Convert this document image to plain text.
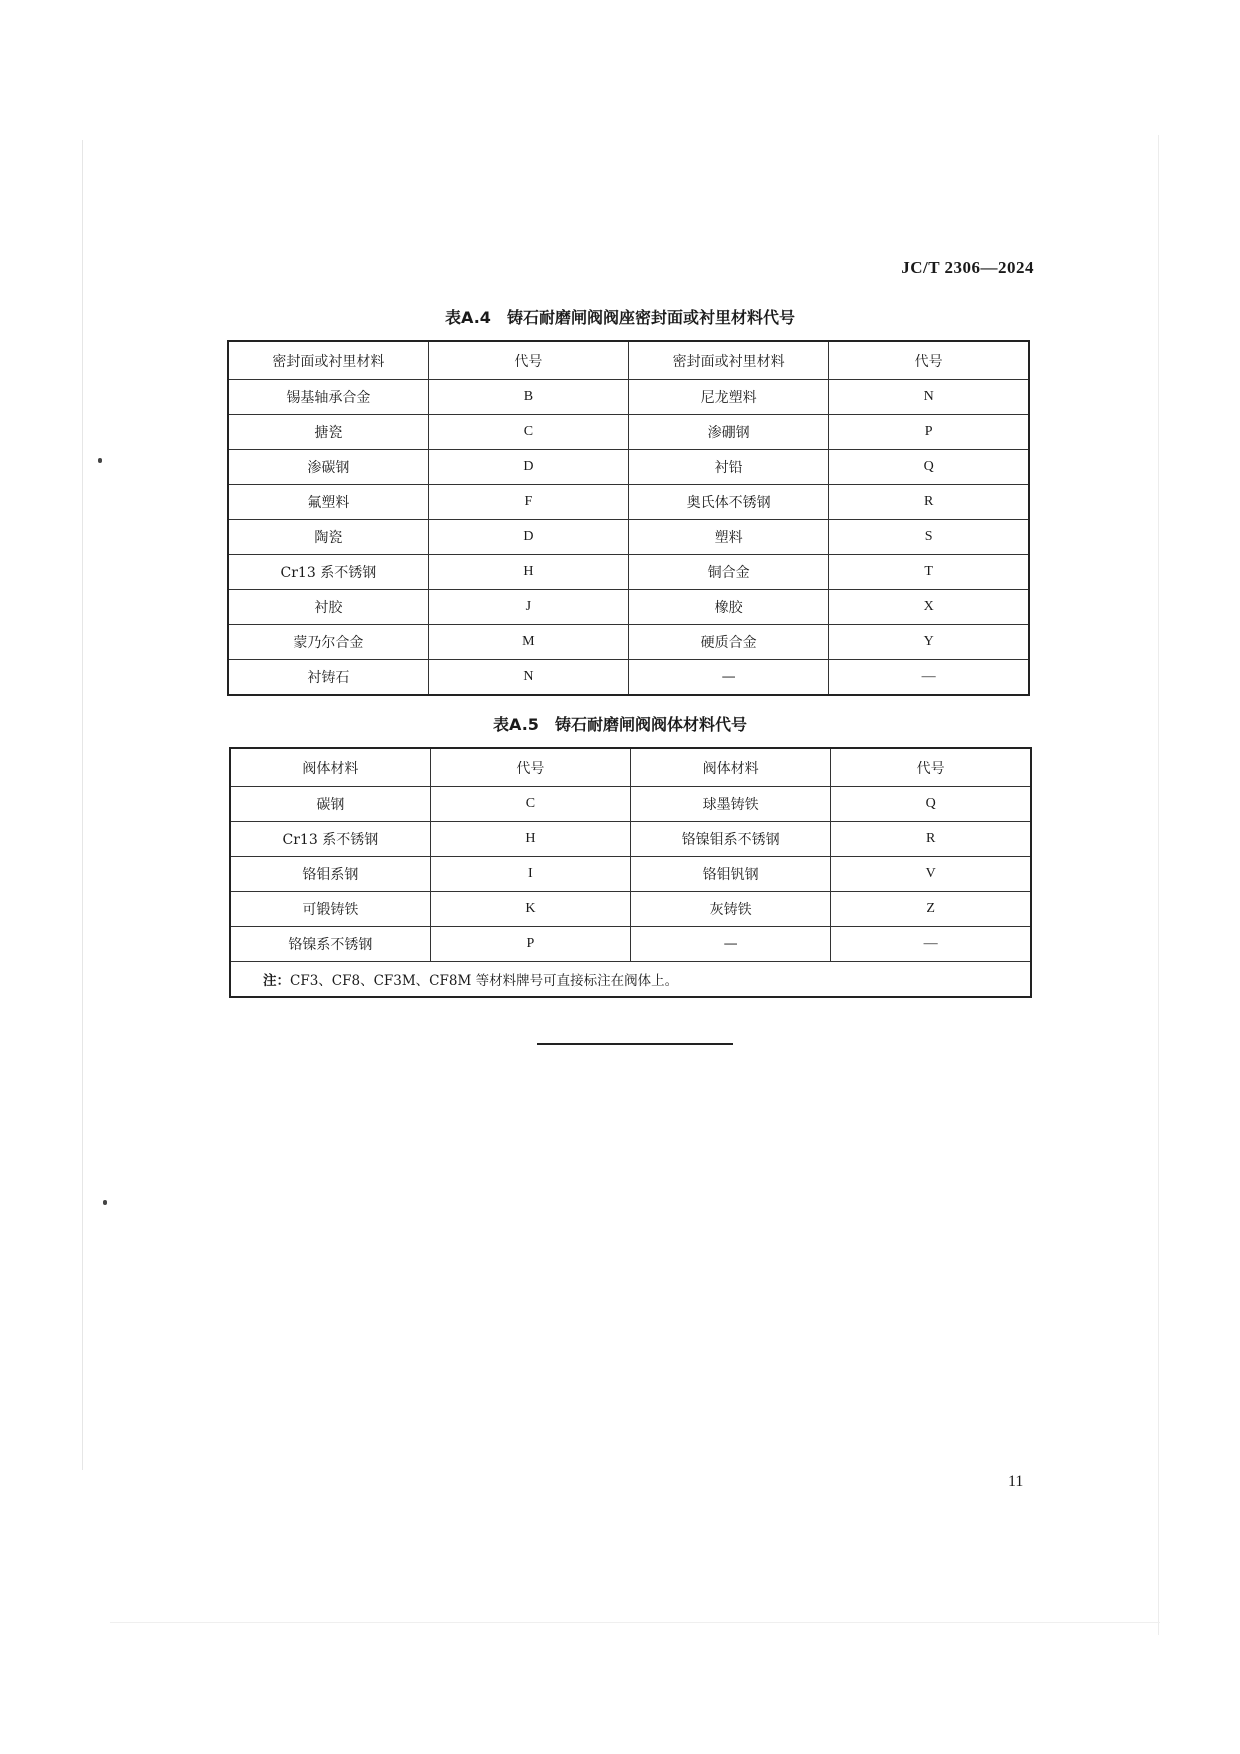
JC/T 2306—2024
表A.4 铸石耐磨闸阀阀座密封面或衬里材料代号
密封面或衬里材料	代号	密封面或衬里材料	代号
锡基轴承合金	B	尼龙塑料	N
搪瓷	C	渗硼钢	P
渗碳钢	D	衬铅	Q
氟塑料	F	奥氏体不锈钢	R
陶瓷	D	塑料	S
Cr13 系不锈钢	H	铜合金	T
衬胶	J	橡胶	X
蒙乃尔合金	M	硬质合金	Y
衬铸石	N	—	—
表A.5 铸石耐磨闸阀阀体材料代号
阀体材料	代号	阀体材料	代号
碳钢	C	球墨铸铁	Q
Cr13 系不锈钢	H	铬镍钼系不锈钢	R
铬钼系钢	I	铬钼钒钢	V
可锻铸铁	K	灰铸铁	Z
铬镍系不锈钢	P	—	—
注：CF3、CF8、CF3M、CF8M 等材料牌号可直接标注在阀体上。			
11
